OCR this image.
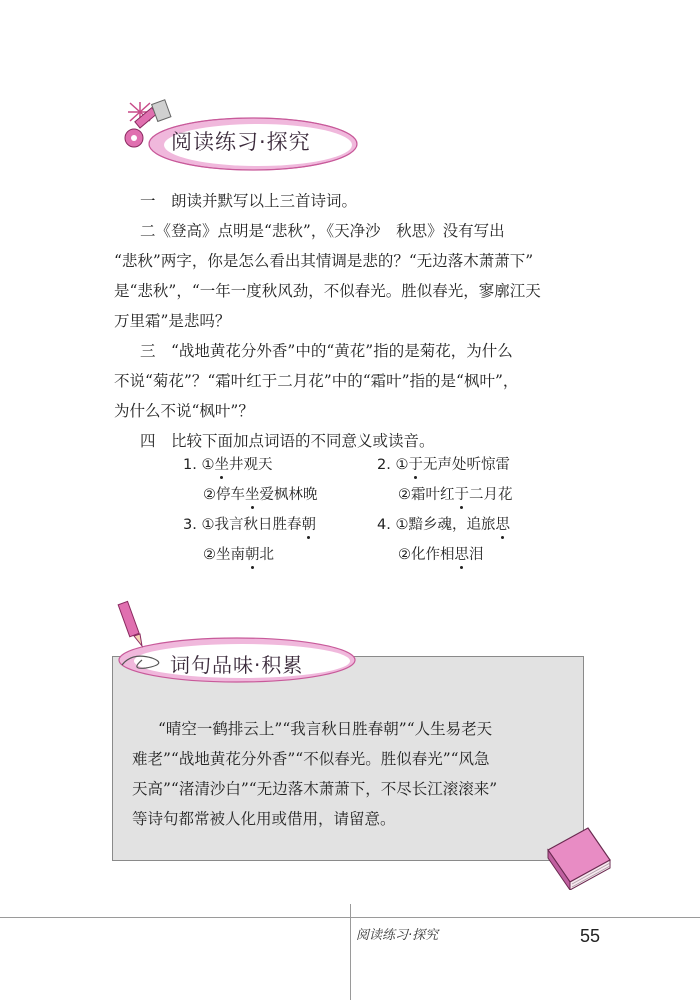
阅读练习·探究
一　朗读并默写以上三首诗词。
二《登高》点明是“悲秋”，《天净沙　秋思》没有写出
“悲秋”两字，你是怎么看出其情调是悲的？“无边落木萧萧下”
是“悲秋”，“一年一度秋风劲，不似春光。胜似春光，寥廓江天
万里霜”是悲吗？
三　“战地黄花分外香”中的“黄花”指的是菊花，为什么
不说“菊花”？“霜叶红于二月花”中的“霜叶”指的是“枫叶”，
为什么不说“枫叶”？
四　比较下面加点词语的不同意义或读音。
1. ①坐井观天
②停车坐爱枫林晚
2. ①于无声处听惊雷
②霜叶红于二月花
3. ①我言秋日胜春朝
②坐南朝北
4. ①黯乡魂，追旅思
②化作相思泪
词句品味·积累
“晴空一鹤排云上”“我言秋日胜春朝”“人生易老天
难老”“战地黄花分外香”“不似春光。胜似春光”“风急
天高”“渚清沙白”“无边落木萧萧下，不尽长江滚滚来”
等诗句都常被人化用或借用，请留意。
阅读练习·探究	55
